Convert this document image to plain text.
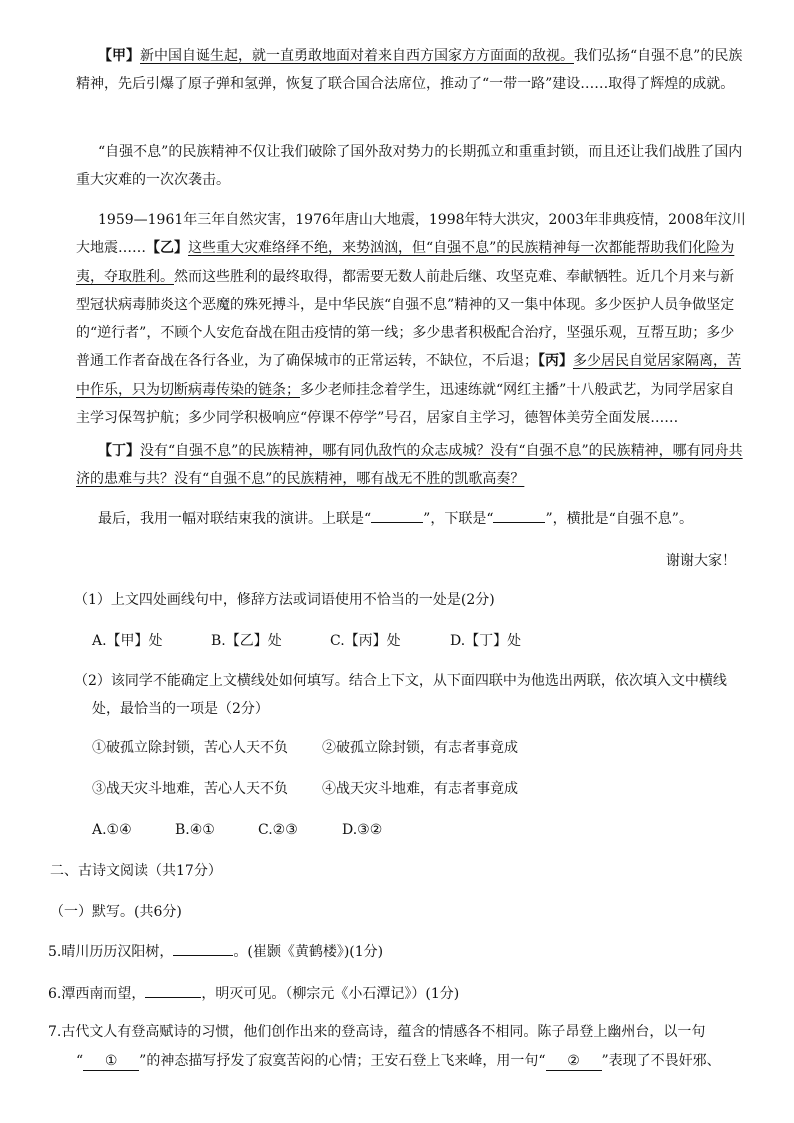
【甲】新中国自诞生起，就一直勇敢地面对着来自西方国家方方面面的敌视。我们弘扬“自强不息”的民族精神，先后引爆了原子弹和氢弹，恢复了联合国合法席位，推动了“一带一路”建设……取得了辉煌的成就。

“自强不息”的民族精神不仅让我们破除了国外敌对势力的长期孤立和重重封锁，而且还让我们战胜了国内重大灾难的一次次袭击。

1959—1961年三年自然灾害，1976年唐山大地震，1998年特大洪灾，2003年非典疫情，2008年汶川大地震……【乙】这些重大灾难络绎不绝，来势汹汹，但“自强不息”的民族精神每一次都能帮助我们化险为夷，夺取胜利。然而这些胜利的最终取得，都需要无数人前赴后继、攻坚克难、奉献牺牲。近几个月来与新型冠状病毒肺炎这个恶魔的殊死搏斗，是中华民族“自强不息”精神的又一集中体现。多少医护人员争做坚定的“逆行者”，不顾个人安危奋战在阻击疫情的第一线；多少患者积极配合治疗，坚强乐观，互帮互助；多少普通工作者奋战在各行各业，为了确保城市的正常运转，不缺位，不后退；【丙】多少居民自觉居家隔离，苦中作乐，只为切断病毒传染的链条；多少老师挂念着学生，迅速练就“网红主播”十八般武艺，为同学居家自主学习保驾护航；多少同学积极响应“停课不停学”号召，居家自主学习，德智体美劳全面发展……

【丁】没有“自强不息”的民族精神，哪有同仇敌忾的众志成城？没有“自强不息”的民族精神，哪有同舟共济的患难与共？没有“自强不息”的民族精神，哪有战无不胜的凯歌高奏？

最后，我用一幅对联结束我的演讲。上联是“	”，下联是“	”，横批是“自强不息”。

谢谢大家！
（1）上文四处画线句中，修辞方法或词语使用不恰当的一处是(2分)
A.【甲】处	B.【乙】处	C.【丙】处	D.【丁】处
（2）该同学不能确定上文横线处如何填写。结合上下文，从下面四联中为他选出两联，依次填入文中横线
处，最恰当的一项是（2分）
①破孤立除封锁，苦心人天不负 ②破孤立除封锁，有志者事竟成
③战天灾斗地难，苦心人天不负 ④战天灾斗地难，有志者事竟成
A.①④	B.④①	C.②③	D.③②
二、古诗文阅读（共17分）
（一）默写。(共6分)
5.晴川历历汉阳树，	。(崔颢《黄鹤楼》)(1分)
6.潭西南而望，	，明灭可见。（柳宗元《小石潭记》）(1分)
7.古代文人有登高赋诗的习惯，他们创作出来的登高诗，蕴含的情感各不相同。陈子昂登上幽州台，以一句
“ ① ”的神态描写抒发了寂寞苦闷的心情；王安石登上飞来峰，用一句“ ② ”表现了不畏奸邪、
